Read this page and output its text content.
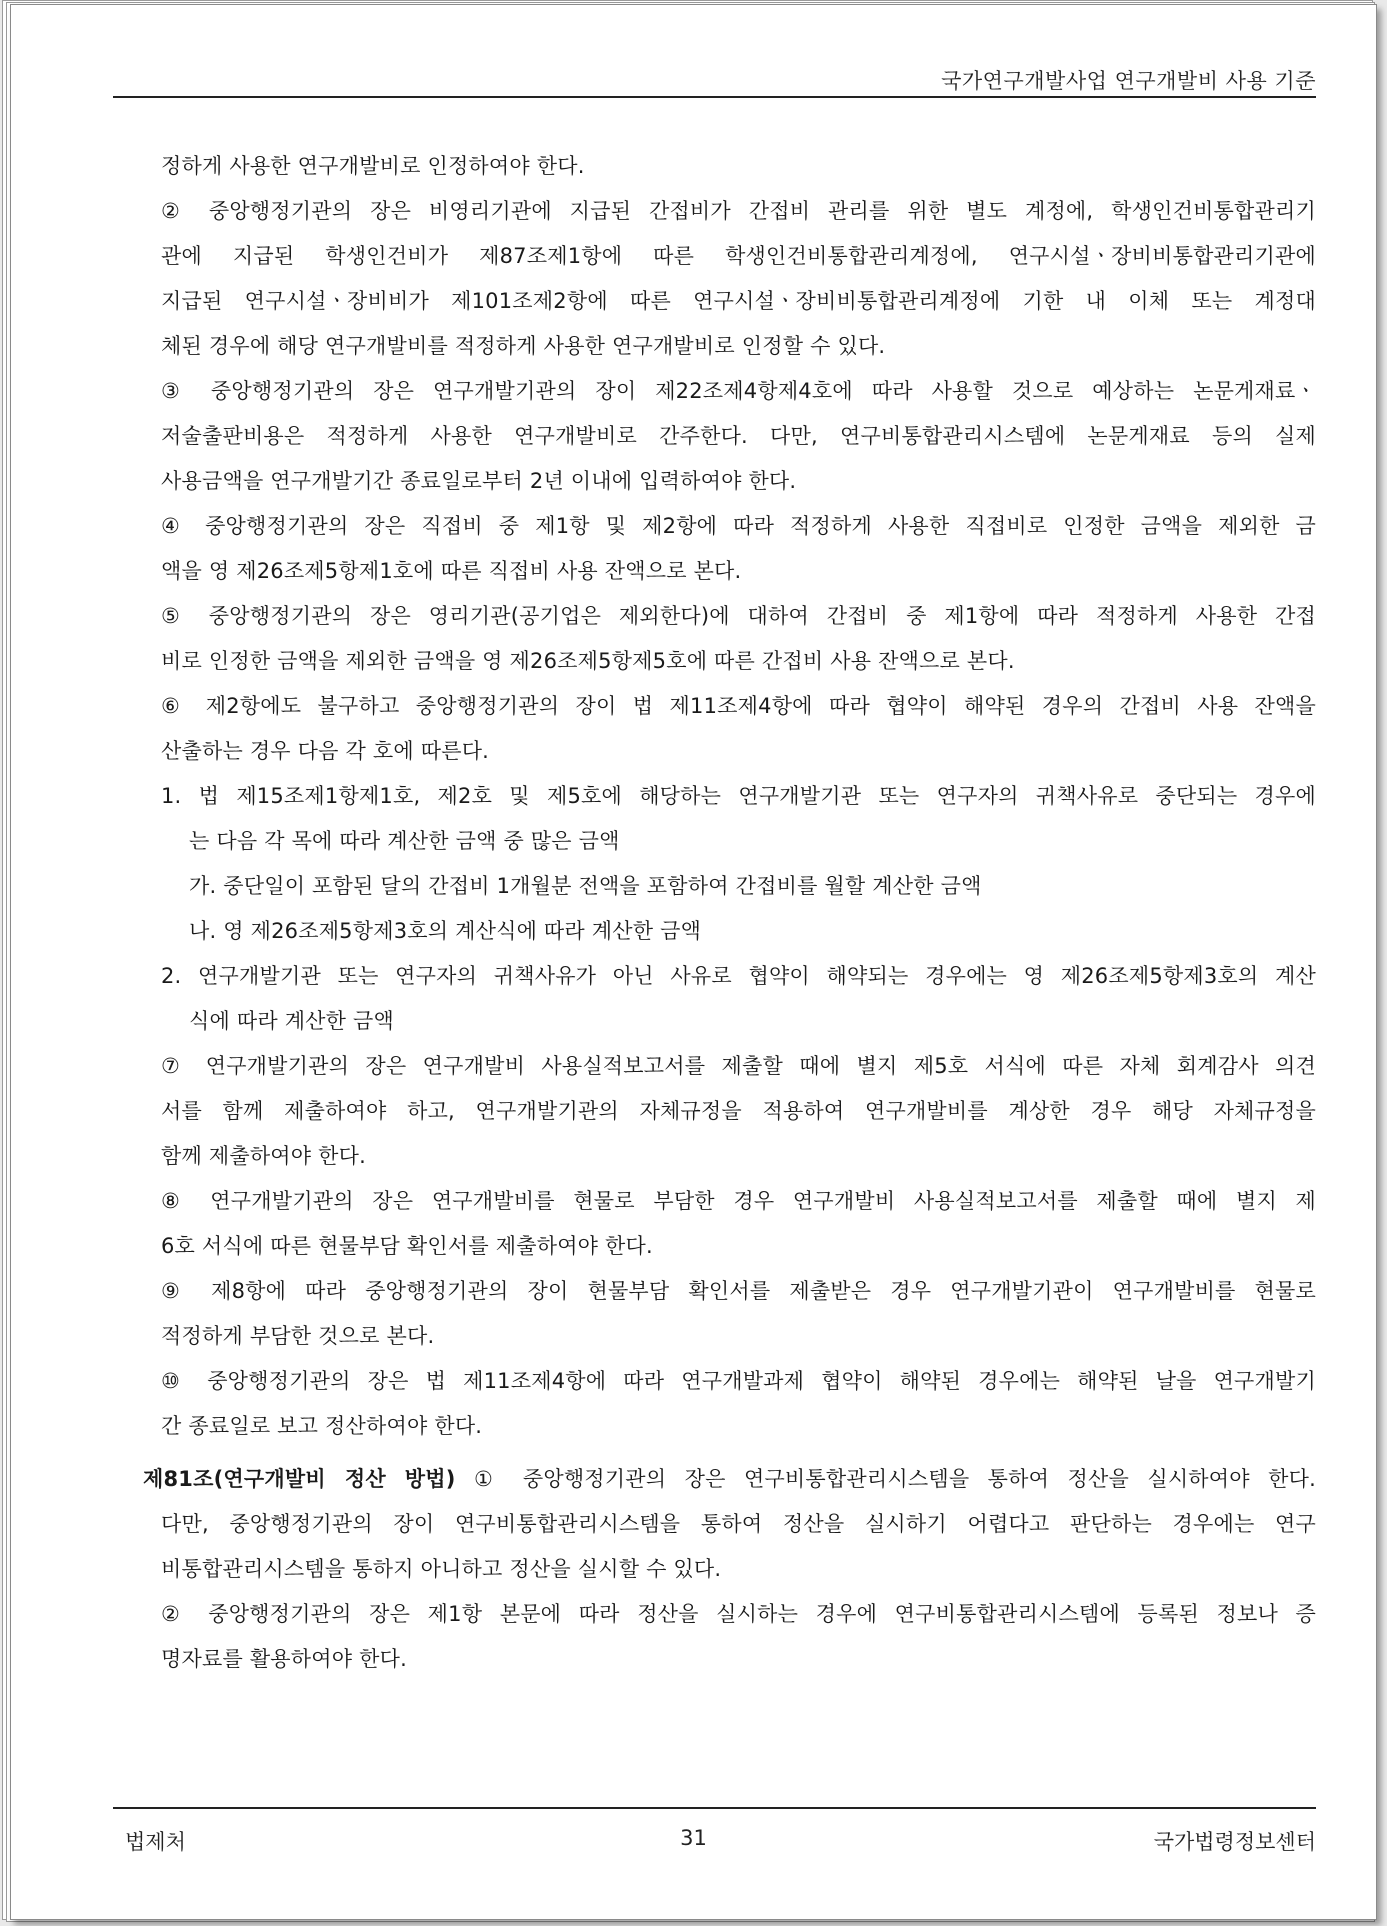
국가연구개발사업 연구개발비 사용 기준
정하게 사용한 연구개발비로 인정하여야 한다.
② 중앙행정기관의 장은 비영리기관에 지급된 간접비가 간접비 관리를 위한 별도 계정에, 학생인건비통합관리기
관에 지급된 학생인건비가 제87조제1항에 따른 학생인건비통합관리계정에, 연구시설ㆍ장비비통합관리기관에
지급된 연구시설ㆍ장비비가 제101조제2항에 따른 연구시설ㆍ장비비통합관리계정에 기한 내 이체 또는 계정대
체된 경우에 해당 연구개발비를 적정하게 사용한 연구개발비로 인정할 수 있다.
③ 중앙행정기관의 장은 연구개발기관의 장이 제22조제4항제4호에 따라 사용할 것으로 예상하는 논문게재료ㆍ
저술출판비용은 적정하게 사용한 연구개발비로 간주한다. 다만, 연구비통합관리시스템에 논문게재료 등의 실제
사용금액을 연구개발기간 종료일로부터 2년 이내에 입력하여야 한다.
④ 중앙행정기관의 장은 직접비 중 제1항 및 제2항에 따라 적정하게 사용한 직접비로 인정한 금액을 제외한 금
액을 영 제26조제5항제1호에 따른 직접비 사용 잔액으로 본다.
⑤ 중앙행정기관의 장은 영리기관(공기업은 제외한다)에 대하여 간접비 중 제1항에 따라 적정하게 사용한 간접
비로 인정한 금액을 제외한 금액을 영 제26조제5항제5호에 따른 간접비 사용 잔액으로 본다.
⑥ 제2항에도 불구하고 중앙행정기관의 장이 법 제11조제4항에 따라 협약이 해약된 경우의 간접비 사용 잔액을
산출하는 경우 다음 각 호에 따른다.
1. 법 제15조제1항제1호, 제2호 및 제5호에 해당하는 연구개발기관 또는 연구자의 귀책사유로 중단되는 경우에
는 다음 각 목에 따라 계산한 금액 중 많은 금액
가. 중단일이 포함된 달의 간접비 1개월분 전액을 포함하여 간접비를 월할 계산한 금액
나. 영 제26조제5항제3호의 계산식에 따라 계산한 금액
2. 연구개발기관 또는 연구자의 귀책사유가 아닌 사유로 협약이 해약되는 경우에는 영 제26조제5항제3호의 계산
식에 따라 계산한 금액
⑦ 연구개발기관의 장은 연구개발비 사용실적보고서를 제출할 때에 별지 제5호 서식에 따른 자체 회계감사 의견
서를 함께 제출하여야 하고, 연구개발기관의 자체규정을 적용하여 연구개발비를 계상한 경우 해당 자체규정을
함께 제출하여야 한다.
⑧ 연구개발기관의 장은 연구개발비를 현물로 부담한 경우 연구개발비 사용실적보고서를 제출할 때에 별지 제
6호 서식에 따른 현물부담 확인서를 제출하여야 한다.
⑨ 제8항에 따라 중앙행정기관의 장이 현물부담 확인서를 제출받은 경우 연구개발기관이 연구개발비를 현물로
적정하게 부담한 것으로 본다.
⑩ 중앙행정기관의 장은 법 제11조제4항에 따라 연구개발과제 협약이 해약된 경우에는 해약된 날을 연구개발기
간 종료일로 보고 정산하여야 한다.
제81조(연구개발비 정산 방법) ① 중앙행정기관의 장은 연구비통합관리시스템을 통하여 정산을 실시하여야 한다.
다만, 중앙행정기관의 장이 연구비통합관리시스템을 통하여 정산을 실시하기 어렵다고 판단하는 경우에는 연구
비통합관리시스템을 통하지 아니하고 정산을 실시할 수 있다.
② 중앙행정기관의 장은 제1항 본문에 따라 정산을 실시하는 경우에 연구비통합관리시스템에 등록된 정보나 증
명자료를 활용하여야 한다.
법제처	31	국가법령정보센터
